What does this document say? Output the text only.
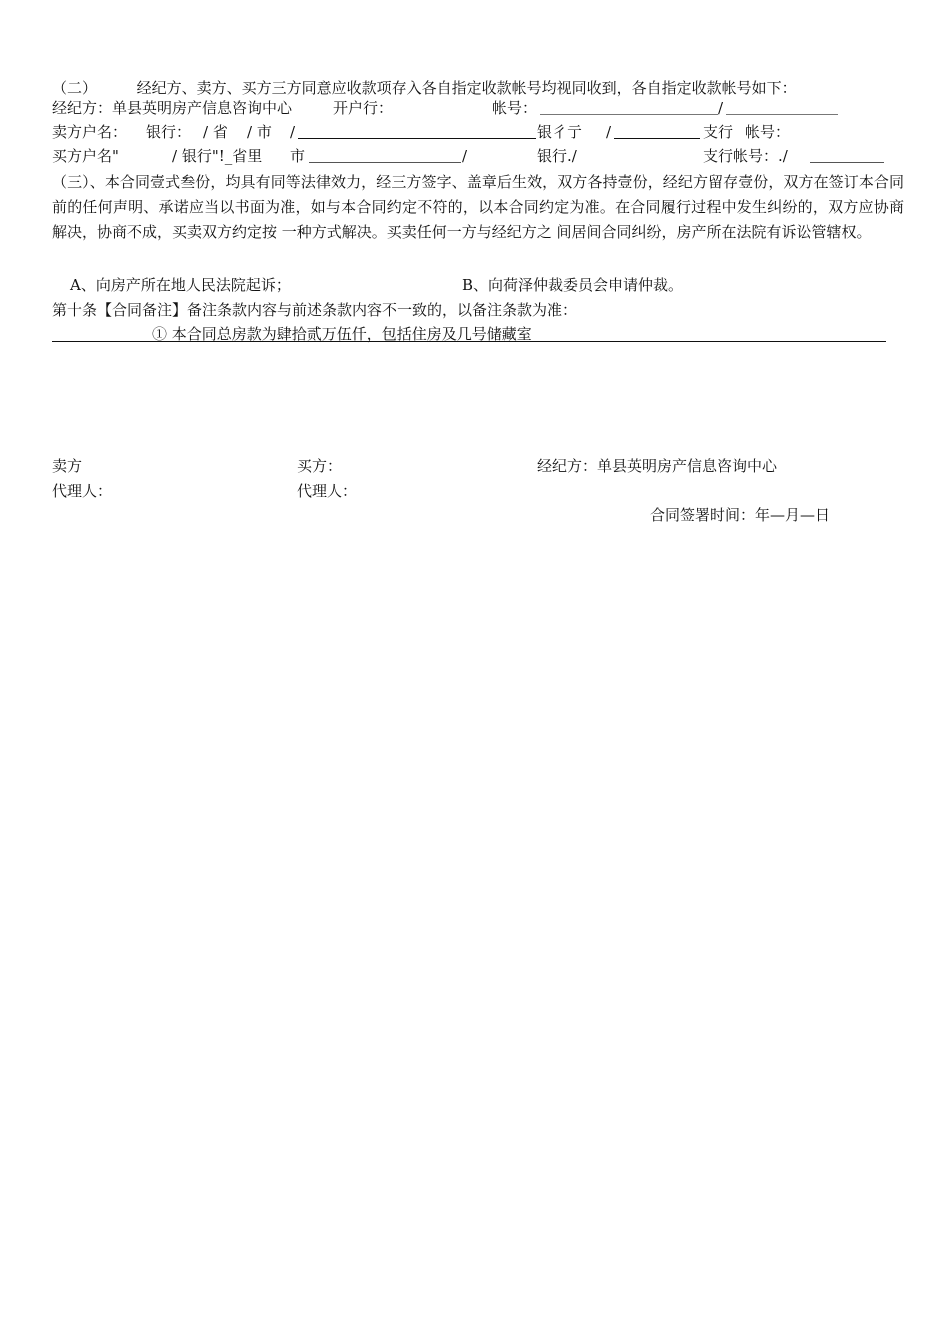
（二）	经纪方、卖方、买方三方同意应收款项存入各自指定收款帐号均视同收到，各自指定收款帐号如下：
经纪方：单县英明房产信息咨询中心	开户行：	帐号：	/
卖方户名： 银行： / 省 / 市 /	银彳亍 /	支行 帐号：
买方户名"	/ 银行"!_省里 市	/	银行./	支行帐号：./
（三）、本合同壹式叁份，均具有同等法律效力，经三方签字、盖章后生效，双方各持壹份，经纪方留存壹份，双方在签订本合同前的任何声明、承诺应当以书面为准，如与本合同约定不符的，以本合同约定为准。在合同履行过程中发生纠纷的，双方应协商解决，协商不成，买卖双方约定按 一种方式解决。买卖任何一方与经纪方之 间居间合同纠纷，房产所在法院有诉讼管辖权。
A、向房产所在地人民法院起诉；	B、向荷泽仲裁委员会申请仲裁。
第十条【合同备注】备注条款内容与前述条款内容不一致的，以备注条款为准：
① 本合同总房款为肆拾贰万伍仟，包括住房及几号储藏室
卖方	买方：	经纪方：单县英明房产信息咨询中心
代理人：	代理人：
合同签署时间：年—月—日
